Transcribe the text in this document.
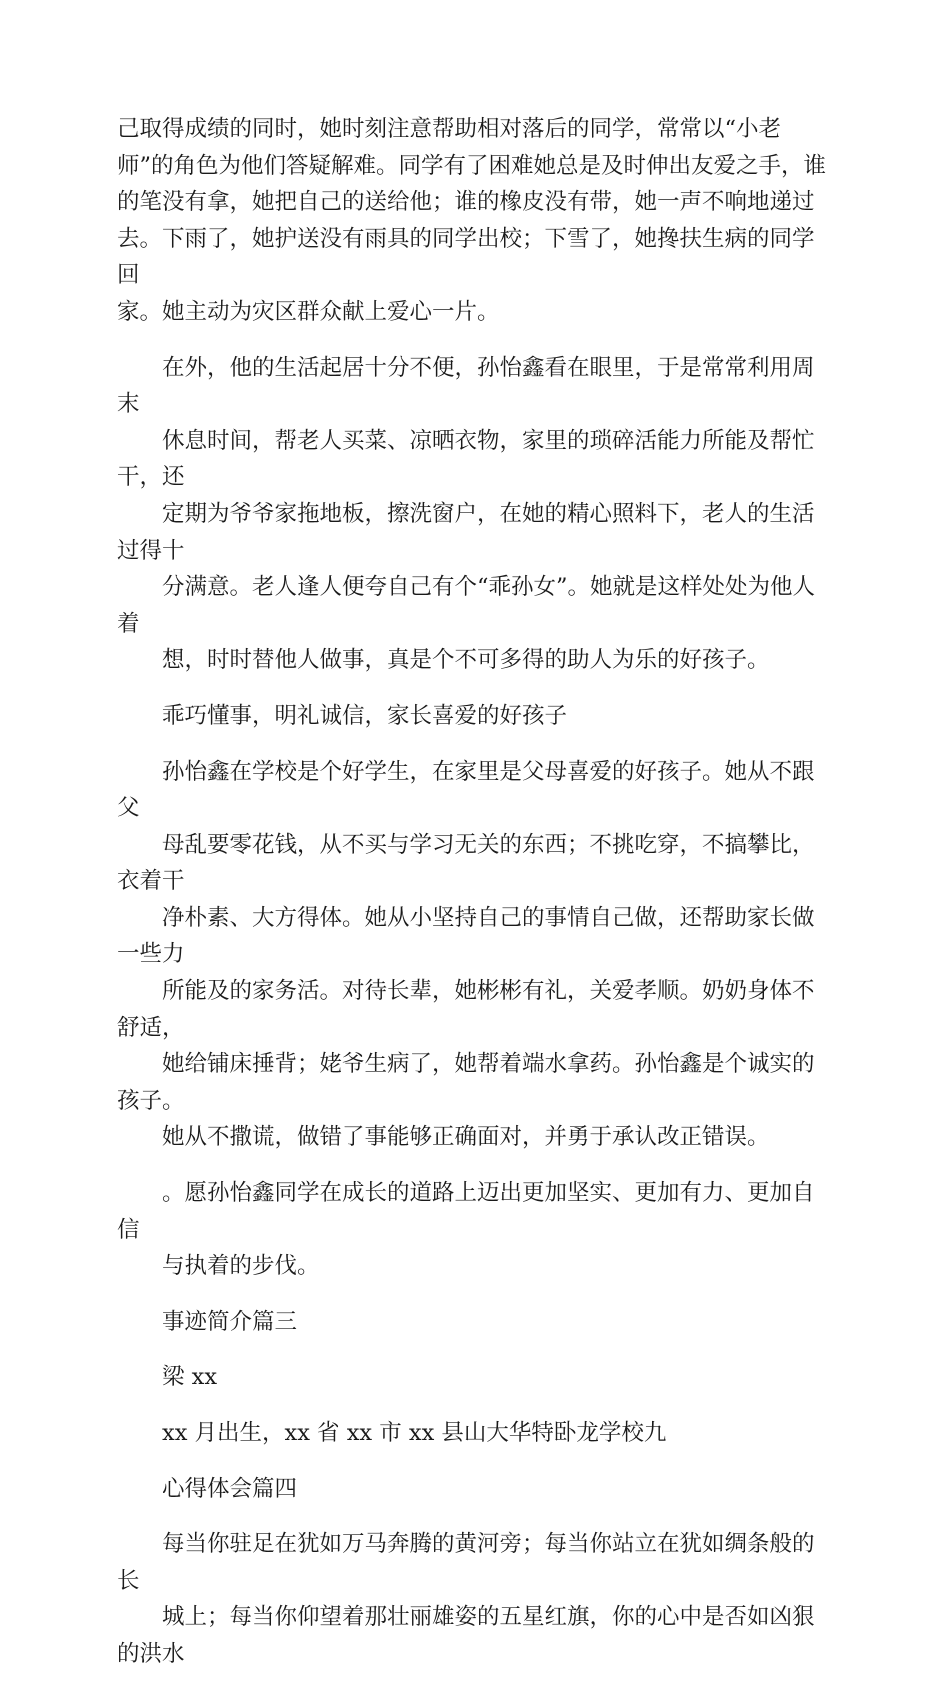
己取得成绩的同时，她时刻注意帮助相对落后的同学，常常以“小老
师”的角色为他们答疑解难。同学有了困难她总是及时伸出友爱之手，谁
的笔没有拿，她把自己的送给他；谁的橡皮没有带，她一声不响地递过
去。下雨了，她护送没有雨具的同学出校；下雪了，她搀扶生病的同学回
家。她主动为灾区群众献上爱心一片。
在外，他的生活起居十分不便，孙怡鑫看在眼里，于是常常利用周末
休息时间，帮老人买菜、凉晒衣物，家里的琐碎活能力所能及帮忙干，还
定期为爷爷家拖地板，擦洗窗户，在她的精心照料下，老人的生活过得十
分满意。老人逢人便夸自己有个“乖孙女”。她就是这样处处为他人着
想，时时替他人做事，真是个不可多得的助人为乐的好孩子。
乖巧懂事，明礼诚信，家长喜爱的好孩子
孙怡鑫在学校是个好学生，在家里是父母喜爱的好孩子。她从不跟父
母乱要零花钱，从不买与学习无关的东西；不挑吃穿，不搞攀比，衣着干
净朴素、大方得体。她从小坚持自己的事情自己做，还帮助家长做一些力
所能及的家务活。对待长辈，她彬彬有礼，关爱孝顺。奶奶身体不舒适，
她给铺床捶背；姥爷生病了，她帮着端水拿药。孙怡鑫是个诚实的孩子。
她从不撒谎，做错了事能够正确面对，并勇于承认改正错误。
。愿孙怡鑫同学在成长的道路上迈出更加坚实、更加有力、更加自信
与执着的步伐。
事迹简介篇三
梁 xx
xx 月出生，xx 省 xx 市 xx 县山大华特卧龙学校九
心得体会篇四
每当你驻足在犹如万马奔腾的黄河旁；每当你站立在犹如绸条般的长
城上；每当你仰望着那壮丽雄姿的五星红旗，你的心中是否如凶狠的洪水
